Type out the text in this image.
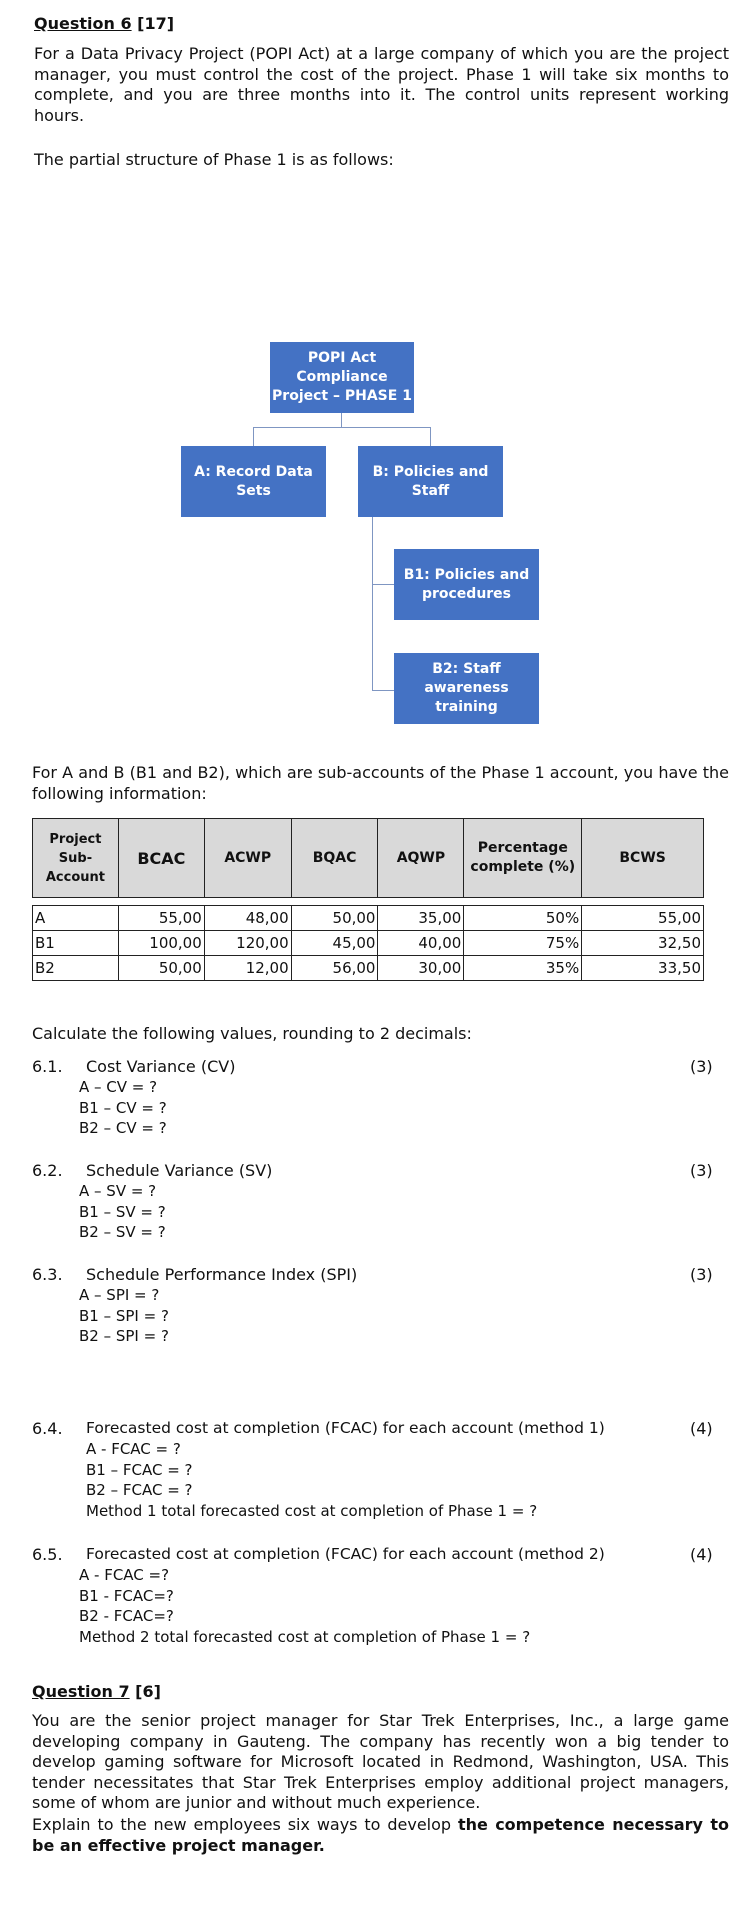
Question 6 [17]
For a Data Privacy Project (POPI Act) at a large company of which you are the project manager, you must control the cost of the project. Phase 1 will take six months to complete, and you are three months into it. The control units represent working hours.
The partial structure of Phase 1 is as follows:
POPI Act
Compliance
Project – PHASE 1
A: Record Data
Sets
B: Policies and
Staff
B1: Policies and
procedures
B2: Staff
awareness training
For A and B (B1 and B2), which are sub-accounts of the Phase 1 account, you have the following information:
Project Sub-
Account	BCAC	ACWP	BQAC	AQWP	Percentage
complete (%)	BCWS

A	55,00	48,00	50,00	35,00	50%	55,00
B1	100,00	120,00	45,00	40,00	75%	32,50
B2	50,00	12,00	56,00	30,00	35%	33,50
Calculate the following values, rounding to 2 decimals:
6.1. Cost Variance (CV)	(3)
A – CV = ?
B1 – CV = ?
B2 – CV = ?
6.2. Schedule Variance (SV)	(3)
A – SV = ?
B1 – SV = ?
B2 – SV = ?
6.3. Schedule Performance Index (SPI)	(3)
A – SPI = ?
B1 – SPI = ?
B2 – SPI = ?
6.4. Forecasted cost at completion (FCAC) for each account (method 1)	(4)
A - FCAC = ?
B1 – FCAC = ?
B2 – FCAC = ?
Method 1 total forecasted cost at completion of Phase 1 = ?
6.5. Forecasted cost at completion (FCAC) for each account (method 2)	(4)
A - FCAC =?
B1 - FCAC=?
B2 - FCAC=?
Method 2 total forecasted cost at completion of Phase 1 = ?
Question 7 [6]
You are the senior project manager for Star Trek Enterprises, Inc., a large game developing company in Gauteng. The company has recently won a big tender to develop gaming software for Microsoft located in Redmond, Washington, USA. This tender necessitates that Star Trek Enterprises employ additional project managers, some of whom are junior and without much experience.
Explain to the new employees six ways to develop the competence necessary to be an effective project manager.
